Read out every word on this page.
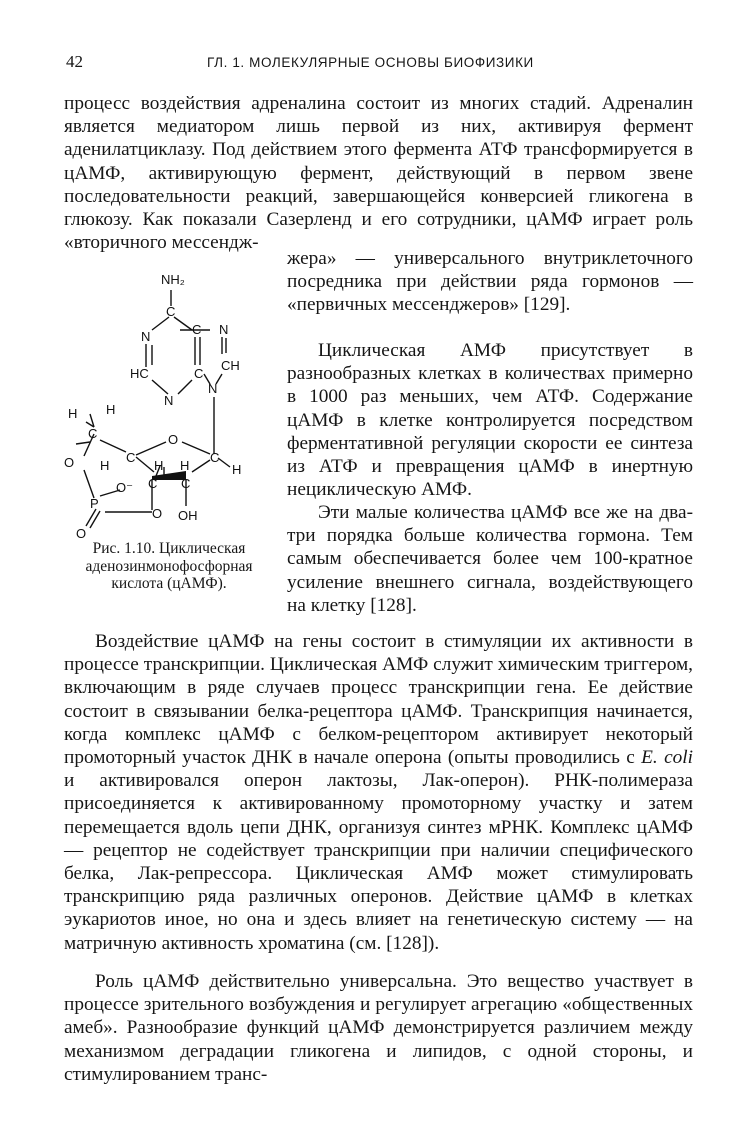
42	ГЛ. 1. МОЛЕКУЛЯРНЫЕ ОСНОВЫ БИОФИЗИКИ
процесс воздействия адреналина состоит из многих стадий. Адреналин является медиатором лишь первой из них, активируя фермент аденилатциклазу. Под действием этого фермента АТФ трансформируется в цАМФ, активирующую фермент, действующий в первом звене последовательности реакций, завершающейся конверсией гликогена в глюкозу. Как показали Сазерленд и его сотрудники, цАМФ играет роль «вторичного мессендж-
жера» — универсального внутриклеточного посредника при действии ряда гормонов — «первичных мессенджеров» [129].
Циклическая АМФ присутствует в разнообразных клетках в количествах примерно в 1000 раз меньших, чем АТФ. Содержание цАМФ в клетке контролируется посредством ферментативной регуляции скорости ее синтеза из АТФ и превращения цАМФ в инертную нециклическую АМФ.
Эти малые количества цАМФ все же на два-три порядка больше количества гормона. Тем самым обеспечивается более чем 100-кратное усиление внешнего сигнала, воздействующего на клетку [128].
NH₂
C
N	C N
HC	C
CH
N
N
H H
C	O
O H
C
H H
C
H
O⁻ C C
P
O OH
O
Рис. 1.10. Циклическая аденозинмонофосфорная кислота (цАМФ).
Воздействие цАМФ на гены состоит в стимуляции их активности в процессе транскрипции. Циклическая АМФ служит химическим триггером, включающим в ряде случаев процесс транскрипции гена. Ее действие состоит в связывании белка-рецептора цАМФ. Транскрипция начинается, когда комплекс цАМФ с белком-рецептором активирует некоторый промоторный участок ДНК в начале оперона (опыты проводились с E. coli и активировался оперон лактозы, Лак-оперон). РНК-полимераза присоединяется к активированному промоторному участку и затем перемещается вдоль цепи ДНК, организуя синтез мРНК. Комплекс цАМФ — рецептор не содействует транскрипции при наличии специфического белка, Лак-репрессора. Циклическая АМФ может стимулировать транскрипцию ряда различных оперонов. Действие цАМФ в клетках эукариотов иное, но она и здесь влияет на генетическую систему — на матричную активность хроматина (см. [128]).
Роль цАМФ действительно универсальна. Это вещество участвует в процессе зрительного возбуждения и регулирует агрегацию «общественных амеб». Разнообразие функций цАМФ демонстрируется различием между механизмом деградации гликогена и липидов, с одной стороны, и стимулированием транс-
